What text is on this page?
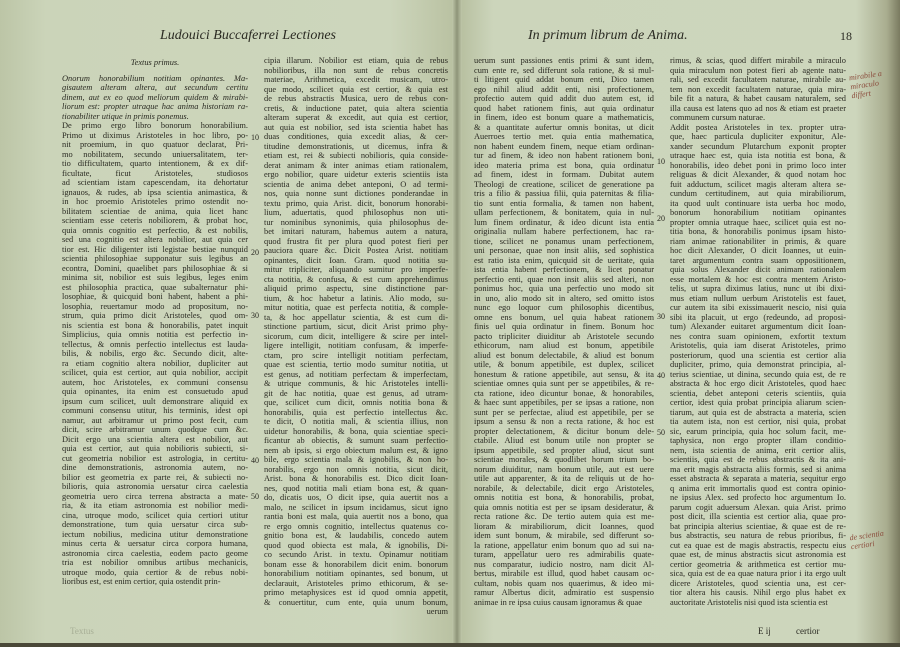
Ludouici Buccaferrei Lectiones
Textus primus.
Onorum honorabilium notitiam opinantes. Ma-
gisautem alteram altera, aut secundum certitu
dinem, aut ex eo quod meliorum quidem & mirabi-
liorum est: propter utraque hac anima historiam ra-
tionabiliter utique in primis ponemus.
De primo ergo libro bonorum honorabilium.
Primo ut diximus Aristoteles in hoc libro, po-
nit proemium, in quo quatuor declarat, Pri-
mo nobilitatem, secundo uniuersalitatem, ter-
tio difficultatem, quarto intentionem, & ex dif-
ficultate, ficut Aristoteles, studiosos
ad scientiam istam capescendam, ita dehortatur
ignauos, & rudes, ab ipsa scientia animastica, &
in hoc proemio Aristoteles primo ostendit no-
bilitatem scientiae de anima, quia licet hanc
scientiam esse ceteris nobiliorem, & probat hoc,
quia omnis cognitio est perfectio, & est nobilis,
sed una cognitio est altera nobilior, aut quia cer
tior est. Hic diligenter isti legistae bestiae nunquid
scientia philosophiae supponatur suis legibus an
econtra, Domini, quaelibet pars philosophiae & si
minima sit, nobilior est suis legibus, leges enim
est philosophia practica, quae subalternatur phi-
losophiae, & quicquid boni habent, habent a phi-
losophia, reuertamur modo ad propositum, no-
strum, quia primo dicit Aristoteles, quod om-
nis scientia est bona & honorabilis, patet inquit
Simplicius, quia omnis notitia est perfectio in-
tellectus, & omnis perfectio intellectus est lauda-
bilis, & nobilis, ergo &c. Secundo dicit, alte-
ra etiam cognitio altera nobilior, dupliciter aut
scilicet, quia est certior, aut quia nobilior, accipit
autem, hoc Aristoteles, ex communi consensu
quia opinantes, ita enim est consuetudo apud
ipsum cum scilicet, uult demonstrare aliquid ex
communi consensu utitur, his terminis, idest opi
namur, aut arbitramur ut primo post fecit, cum
dicit, scire arbitramur unum quodque cum &c.
Dicit ergo una scientia altera est nobilior, aut
quia est certior, aut quia nobilioris subiecti, si-
cut geometria nobilior est astrologia, in certitu-
dine demonstrationis, astronomia autem, no-
bilior est geometria ex parte rei, & subiecti no-
bilioris, quia astronomia uersatur circa caelestia
geometria uero circa terrena abstracta a mate-
ria, & ita etiam astronomia est nobilior medi-
cina, utroque modo, scilicet quia certiori utitur
demonstratione, tum quia uersatur circa sub-
iectum nobilius, medicina utitur demonstratione
minus certa & uersatur circa corpora humana,
astronomia circa caelestia, eodem pacto geome
tria est nobilior omnibus artibus mechanicis,
utroque modo, quia certior & de rebus nobi-
lioribus est, est enim certior, quia ostendit prin-
cipia illarum. Nobilior est etiam, quia de rebus
nobilioribus, illa non sunt de rebus concretis
materiae, Arithmetica, excedit musicam, utro-
que modo, scilicet quia est certior, & quia est
de rebus abstractis Musica, uero de rebus con-
cretis, & inductione patet, quia altera scientia
alteram superat & excedit, aut quia est certior,
aut quia est nobilior, sed ista scientia habet has
duas conditiones, quia excedit alias, & cer-
titudine demonstrationis, ut dicemus, infra &
etiam est, rei & subiecti nobilioris, quia conside-
derat animam & inter animas etiam rationalem,
ergo nobilior, quare uidetur exteris scientiis ista
scientia de anima debet anteponi, O ad termi-
nos, quia nonne sunt dictiones ponderandae in
textu primo, quia Arist. dicit, bonorum honorabi-
lium, aduertatis, quod philosophus non uti-
tur nominibus synonimis, quia philosophus de-
bet imitari naturam, habemus autem a natura,
quod frustra fit per plura quod potest fieri per
pauciora quare &c. Dicit Postea Arist. notitiam
opinantes, dicit Ioan. Gram. quod notitia su-
mitur tripliciter, aliquando sumitur pro imperfe-
cta notitia, & confusa, & est cum apprehendimus
aliquid primo aspectu, sine distinctione par-
tium, & hoc habetur a latinis. Alio modo, su-
mitur notitia, quae est perfecta notitia, & comple-
ta, & hoc appellatur scientia, & est cum di-
stinctione partium, sicut, dicit Arist primo phy-
sicorum, cum dicit, intelligere & scire per intel-
ligere intelligit, notitiam confusam, & imperfe-
ctam, pro scire intelligit notitiam perfectam,
quae est scientia, tertio modo sumitur notitia, ut
est genus, ad notitiam perfectam & imperfectam,
& utrique communis, & hic Aristoteles intelli-
git de hac notitia, quae est genus, ad utram-
que, scilicet cum dicit, omnis notitia bona &
honorabilis, quia est perfectio intellectus &c.
te dicit, O notitia mali, & scientia illius, non
uidetur honorabilis, & bona, quia scientiae speci-
ficantur ab obiectis, & sumunt suam perfectio-
nem ab ipsis, si ergo obiectum malum est, & igno
bile, ergo scientia mala & ignobilis, & non ho-
norabilis, ergo non omnis notitia, sicut dicit,
Arist. bona & honorabilis est. Dico dicit Ioan-
nes, quod notitia mali etiam bona est, & quan-
do, dicatis uos, O dicit ipse, quia auertit nos a
malo, ne scilicet in ipsum incidamus, sicut igno
rantia boni est mala, quia auertit nos a bono, qua
re ergo omnis cognitio, intellectus quatenus co-
gnitio bona est, & laudabilis, concedo autem
quod quod obiecta est mala, & ignobilis, Di-
co secundo Arist. in textu. Opinamur notitiam
bonam esse & honorabilem dicit enim. bonorum
honorabilium notitiam opinantes, sed bonum, ut
declarauit, Aristoteles primo ethicorum, & se-
primo metaphysices est id quod omnia appetit,
& conuertitur, cum ente, quia unum bonum,
uerum
10
20
30
40
50
Textus
In primum librum de Anima.	18
uerum sunt passiones entis primi & sunt idem,
cum ente re, sed differunt sola ratione, & si mul-
ti litigent quid addat bonum enti, Dico tamen
ego nihil aliud addit enti, nisi profectionem,
profectio autem quid addit duo autem est, id
quod habet rationem finis, aut quia ordinatur
in finem, ideo est bonum quare a mathematicis,
& a quantitate aufertur omnis bonitas, ut dicit
Auerroes tertio met. quia entia mathematica,
non habent eundem finem, neque etiam ordinan-
tur ad finem, & ideo non habent rationem boni,
ideo materia prima est bona, quia ordinatur
ad finem, idest in formam. Dubitat autem
Theologi de creatione, scilicet de generatione pa
tris a filio & passiua filii, quia paternitas & filia-
tio sunt entia formalia, & tamen non habent,
ullam perfectionem, & bonitatem, quia in nul-
lum finem ordinatur, & ideo dicunt ista entia
originalia nullam habere perfectionem, hac ra-
tione, scilicet ne ponamus unam perfectionem,
uni personae, quae non insit aliis, sed sophistica
est ratio ista enim, quicquid sit de ueritate, quia
ista entia habent perfectionem, & licet ponatur
perfectio enti, quae non insit aliis sed alteri, non
ponimus hoc, quia una perfectio uno modo sit
in uno, alio modo sit in altero, sed omitto istos
nunc ego loquor cum philosophis dicentibus,
omne ens bonum, uel quia habeat rationem
finis uel quia ordinatur in finem. Bonum hoc
pacto tripliciter diuiditur ab Aristotele secundo
ethicorum, nam aliud est bonum, appetibile
aliud est bonum delectabile, & aliud est bonum
utile, & bonum appetibile, est duplex, scilicet
honestum & ratione appetibile, aut sensu, & ita
scientiae omnes quia sunt per se appetibiles, & re-
cta ratione, ideo dicuntur bonae, & honorabiles,
& haec sunt appetibiles, per se ipsas a ratione, non
sunt per se perfectae, aliud est appetibile, per se
ipsum a sensu & non a recta ratione, & hoc est
propter delectationem, & dicitur bonum dele-
ctabile. Aliud est bonum utile non propter se
ipsum appetibile, sed propter aliud, sicut sunt
scientiae morales, & quodlibet horum trium bo-
norum diuiditur, nam bonum utile, aut est uere
utile aut apparenter, & ita de reliquis ut de ho-
norabile, & delectabile, dicit ergo Aristoteles,
omnis notitia est bona, & honorabilis, probat,
quia omnis notitia est per se ipsam desideratur, &
recta ratione &c. De tertio autem quia est me-
lioram & mirabiliorum, dicit Ioannes, quod
idem sunt bonum, & mirabile, sed differunt so-
la ratione, appellatur enim bonum quo ad sui na-
turam, appellatur uero res admirabilis quate-
nus comparatur, iudicio nostro, nam dicit Al-
bertus, mirabile est illud, quod habet causam oc-
cultam, nobis quam nos quaerimus, & ideo mi-
ramur Albertus dicit, admiratio est suspensio
animae in re ipsa cuius causam ignoramus & quae
rimus, & scias, quod differt mirabile a miraculo
quia miraculum non potest fieri ab agente natu-
rali, sed excedit facultatem naturae, mirabile au-
tem non excedit facultatem naturae, quia mira-
bile fit a natura, & habet causam naturalem, sed
illa causa est latens quo ad nos & etiam est praeter
communem cursum naturae.
Addit postea Aristoteles in tex. propter utra-
que, haec particula dupliciter exponitur, Ale-
xander secundum Plutarchum exponit propter
utraque haec est, quia ista notitia est bona, &
honorabilis, ideo debet poni in primo loco inter
religuas & dicit Alexander, & quod notam hoc
fuit adductum, scilicet magis alteram altera se-
cundum certitudinem, aut quia mirabiliorum,
ita quod uult continuare ista uerba hoc modo,
bonorum honorabilium notitiam opinantes
propter omnia utraque haec, scilicet quia est no-
titia bona, & honorabilis ponimus ipsam histo-
riam animae rationabiliter in primis, & quare
hoc dicit Alexander, O dicit Ioannes, ut euin-
taret argumentum contra suam opposiitionem,
quia solus Alexander dicit animam rationalem
esse mortalem & hoc est contra mentem Aristo-
telis, ut supra diximus latius, nunc ut ibi dixi-
mus etiam nullum uerbum Aristotelis est fauet,
cur autem ita sibi exissimauerit nescio, nisi quia
sibi ita placuit, ut ergo (redeundo, ad proposi-
tum) Alexander euitaret argumentum dicit Ioan-
nes contra suam opinionem, exfortit textum
Aristotelis, quia iam diserat Aristoteles, primo
posteriorum, quod una scientia est certior alia
dupliciter, primo, quia demonstrat principia, al-
terius scientiae, ut dinina, secundo quia est, de re
abstracta & hoc ergo dicit Aristoteles, quod haec
scientia, debet anteponi ceteris scientiis, quia
certior, idest quia probat principia aliarum scien-
tiarum, aut quia est de abstracta a materia, scien
tia autem ista, non est certior, nisi quia, probat
sic, earum principia, quia hoc solum facit, me-
taphysica, non ergo propter illam conditio-
nem, ista scientia de anima, erit certior aliis,
scientiis, quia est de rebus abstractis & ita ani-
ma erit magis abstracta aliis formis, sed si anima
esset abstracta & separata a materia, sequitur ergo
q anima erit immortalis quod est contra opinio-
ne ipsius Alex. sed profecto hoc argumentum Io.
parum cogit aduersum Alexan. quia Arist. primo
post dicit, illa scientia est certior alia, quae pro-
bat principia alterius scientiae, & quae est de re-
bus abstractis, seu natura de rebus prioribus, fi-
cut ea quae est de magis abstractis, respectu eius
quae est, de minus abstractis sicut astronomia est
certior geometria & arithmetica est certior mu-
sica, quia est de ea quae natura prior i ita ergo uult
dicere Aristoteles, quod scientia una, est cer-
tior altera his causis. Nihil ergo plus habet ex
auctoritate Aristotelis nisi quod ista scientia est
10
20
30
40
50
E ij	certior
mirabile a miraculo differt
de scientia certiori
